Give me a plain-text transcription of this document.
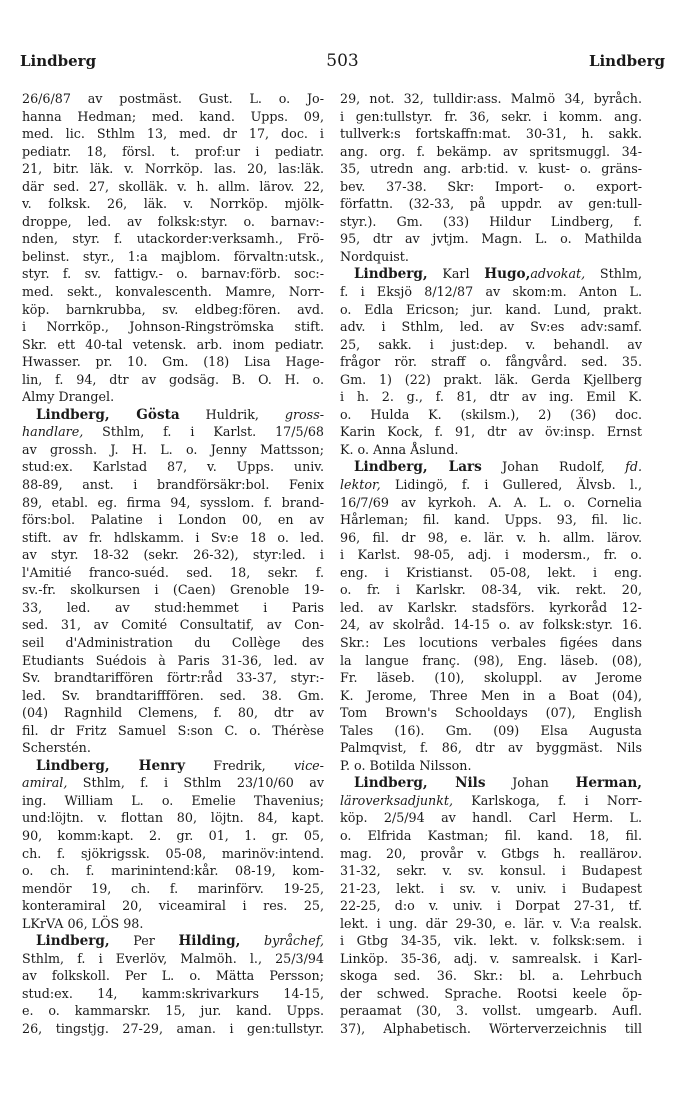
Lindberg	503	Lindberg
26/6/87 av postmäst. Gust. L. o. Jo-
hanna Hedman; med. kand. Upps. 09,
med. lic. Sthlm 13, med. dr 17, doc. i
pediatr. 18, försl. t. prof:ur i pediatr.
21, bitr. läk. v. Norrköp. las. 20, las:läk.
där sed. 27, skolläk. v. h. allm. lärov. 22,
v. folksk. 26, läk. v. Norrköp. mjölk-
droppe, led. av folksk:styr. o. barnav:-
nden, styr. f. utackorder:verksamh., Frö-
belinst. styr., 1:a majblom. förvaltn:utsk.,
styr. f. sv. fattigv.- o. barnav:förb. soc:-
med. sekt., konvalescenth. Mamre, Norr-
köp. barnkrubba, sv. eldbeg:fören. avd.
i Norrköp., Johnson-Ringströmska stift.
Skr. ett 40-tal vetensk. arb. inom pediatr.
Hwasser. pr. 10. Gm. (18) Lisa Hage-
lin, f. 94, dtr av godsäg. B. O. H. o.
Almy Drangel.
Lindberg, Gösta Huldrik, gross-
handlare, Sthlm, f. i Karlst. 17/5/68
av grossh. J. H. L. o. Jenny Mattsson;
stud:ex. Karlstad 87, v. Upps. univ.
88-89, anst. i brandförsäkr:bol. Fenix
89, etabl. eg. firma 94, sysslom. f. brand-
förs:bol. Palatine i London 00, en av
stift. av fr. hdlskamm. i Sv:e 18 o. led.
av styr. 18-32 (sekr. 26-32), styr:led. i
l'Amitié franco-suéd. sed. 18, sekr. f.
sv.-fr. skolkursen i (Caen) Grenoble 19-
33, led. av stud:hemmet i Paris
sed. 31, av Comité Consultatif, av Con-
seil d'Administration du Collège des
Etudiants Suédois à Paris 31-36, led. av
Sv. brandtariffören förtr:råd 33-37, styr:-
led. Sv. brandtarifffören. sed. 38. Gm.
(04) Ragnhild Clemens, f. 80, dtr av
fil. dr Fritz Samuel S:son C. o. Thérèse
Scherstén.
Lindberg, Henry Fredrik, vice-
amiral, Sthlm, f. i Sthlm 23/10/60 av
ing. William L. o. Emelie Thavenius;
und:löjtn. v. flottan 80, löjtn. 84, kapt.
90, komm:kapt. 2. gr. 01, 1. gr. 05,
ch. f. sjökrigssk. 05-08, marinöv:intend.
o. ch. f. marinintend:kår. 08-19, kom-
mendör 19, ch. f. marinförv. 19-25,
konteramiral 20, viceamiral i res. 25,
LKrVA 06, LÖS 98.
Lindberg, Per Hilding, byråchef,
Sthlm, f. i Everlöv, Malmöh. l., 25/3/94
av folkskoll. Per L. o. Mätta Persson;
stud:ex. 14, kamm:skrivarkurs 14-15,
e. o. kammarskr. 15, jur. kand. Upps.
26, tingstjg. 27-29, aman. i gen:tullstyr.
29, not. 32, tulldir:ass. Malmö 34, byråch.
i gen:tullstyr. fr. 36, sekr. i komm. ang.
tullverk:s fortskaffn:mat. 30-31, h. sakk.
ang. org. f. bekämp. av spritsmuggl. 34-
35, utredn ang. arb:tid. v. kust- o. gräns-
bev. 37-38. Skr: Import- o. export-
författn. (32-33, på uppdr. av gen:tull-
styr.). Gm. (33) Hildur Lindberg, f.
95, dtr av jvtjm. Magn. L. o. Mathilda
Nordquist.
Lindberg, Karl Hugo,advokat, Sthlm,
f. i Eksjö 8/12/87 av skom:m. Anton L.
o. Edla Ericson; jur. kand. Lund, prakt.
adv. i Sthlm, led. av Sv:es adv:samf.
25, sakk. i just:dep. v. behandl. av
frågor rör. straff o. fångvård. sed. 35.
Gm. 1) (22) prakt. läk. Gerda Kjellberg
i h. 2. g., f. 81, dtr av ing. Emil K.
o. Hulda K. (skilsm.), 2) (36) doc.
Karin Kock, f. 91, dtr av öv:insp. Ernst
K. o. Anna Åslund.
Lindberg, Lars Johan Rudolf, fd.
lektor, Lidingö, f. i Gullered, Älvsb. l.,
16/7/69 av kyrkoh. A. A. L. o. Cornelia
Hårleman; fil. kand. Upps. 93, fil. lic.
96, fil. dr 98, e. lär. v. h. allm. lärov.
i Karlst. 98-05, adj. i modersm., fr. o.
eng. i Kristianst. 05-08, lekt. i eng.
o. fr. i Karlskr. 08-34, vik. rekt. 20,
led. av Karlskr. stadsförs. kyrkoråd 12-
24, av skolråd. 14-15 o. av folksk:styr. 16.
Skr.: Les locutions verbales figées dans
la langue franç. (98), Eng. läseb. (08),
Fr. läseb. (10), skoluppl. av Jerome
K. Jerome, Three Men in a Boat (04),
Tom Brown's Schooldays (07), English
Tales (16). Gm. (09) Elsa Augusta
Palmqvist, f. 86, dtr av byggmäst. Nils
P. o. Botilda Nilsson.
Lindberg, Nils Johan Herman,
läroverksadjunkt, Karlskoga, f. i Norr-
köp. 2/5/94 av handl. Carl Herm. L.
o. Elfrida Kastman; fil. kand. 18, fil.
mag. 20, provår v. Gtbgs h. realläroν.
31-32, sekr. v. sv. konsul. i Budapest
21-23, lekt. i sv. v. univ. i Budapest
22-25, d:o v. univ. i Dorpat 27-31, tf.
lekt. i ung. där 29-30, e. lär. v. V:a realsk.
i Gtbg 34-35, vik. lekt. v. folksk:sem. i
Linköp. 35-36, adj. v. samrealsk. i Karl-
skoga sed. 36. Skr.: bl. a. Lehrbuch
der schwed. Sprache. Rootsi keele õp-
peraamat (30, 3. vollst. umgearb. Aufl.
37), Alphabetisch. Wörterverzeichnis till
